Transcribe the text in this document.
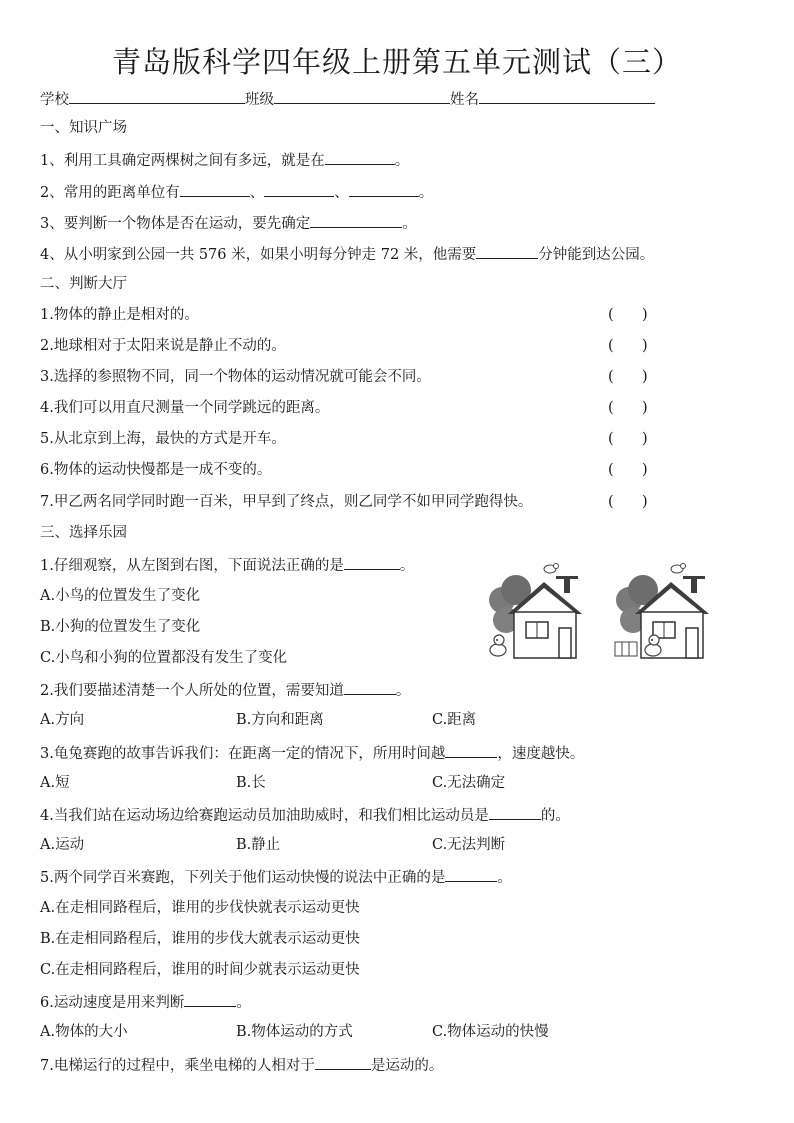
青岛版科学四年级上册第五单元测试（三）
学校	班级	姓名
一、知识广场
1、利用工具确定两棵树之间有多远，就是在	。
2、常用的距离单位有	、	、	。
3、要判断一个物体是否在运动，要先确定	。
4、从小明家到公园一共 576 米，如果小明每分钟走 72 米，他需要	分钟能到达公园。
二、判断大厅
1.物体的静止是相对的。	( )
2.地球相对于太阳来说是静止不动的。	( )
3.选择的参照物不同，同一个物体的运动情况就可能会不同。	( )
4.我们可以用直尺测量一个同学跳远的距离。	( )
5.从北京到上海，最快的方式是开车。	( )
6.物体的运动快慢都是一成不变的。	( )
7.甲乙两名同学同时跑一百米，甲早到了终点，则乙同学不如甲同学跑得快。	( )
三、选择乐园
1.仔细观察，从左图到右图，下面说法正确的是	。
A.小鸟的位置发生了变化
B.小狗的位置发生了变化
C.小鸟和小狗的位置都没有发生了变化
2.我们要描述清楚一个人所处的位置，需要知道	。
A.方向	B.方向和距离	C.距离
3.龟兔赛跑的故事告诉我们：在距离一定的情况下，所用时间越	，速度越快。
A.短	B.长	C.无法确定
4.当我们站在运动场边给赛跑运动员加油助威时，和我们相比运动员是	的。
A.运动	B.静止	C.无法判断
5.两个同学百米赛跑，下列关于他们运动快慢的说法中正确的是	。
A.在走相同路程后，谁用的步伐快就表示运动更快
B.在走相同路程后，谁用的步伐大就表示运动更快
C.在走相同路程后，谁用的时间少就表示运动更快
6.运动速度是用来判断	。
A.物体的大小	B.物体运动的方式	C.物体运动的快慢
7.电梯运行的过程中，乘坐电梯的人相对于	是运动的。
